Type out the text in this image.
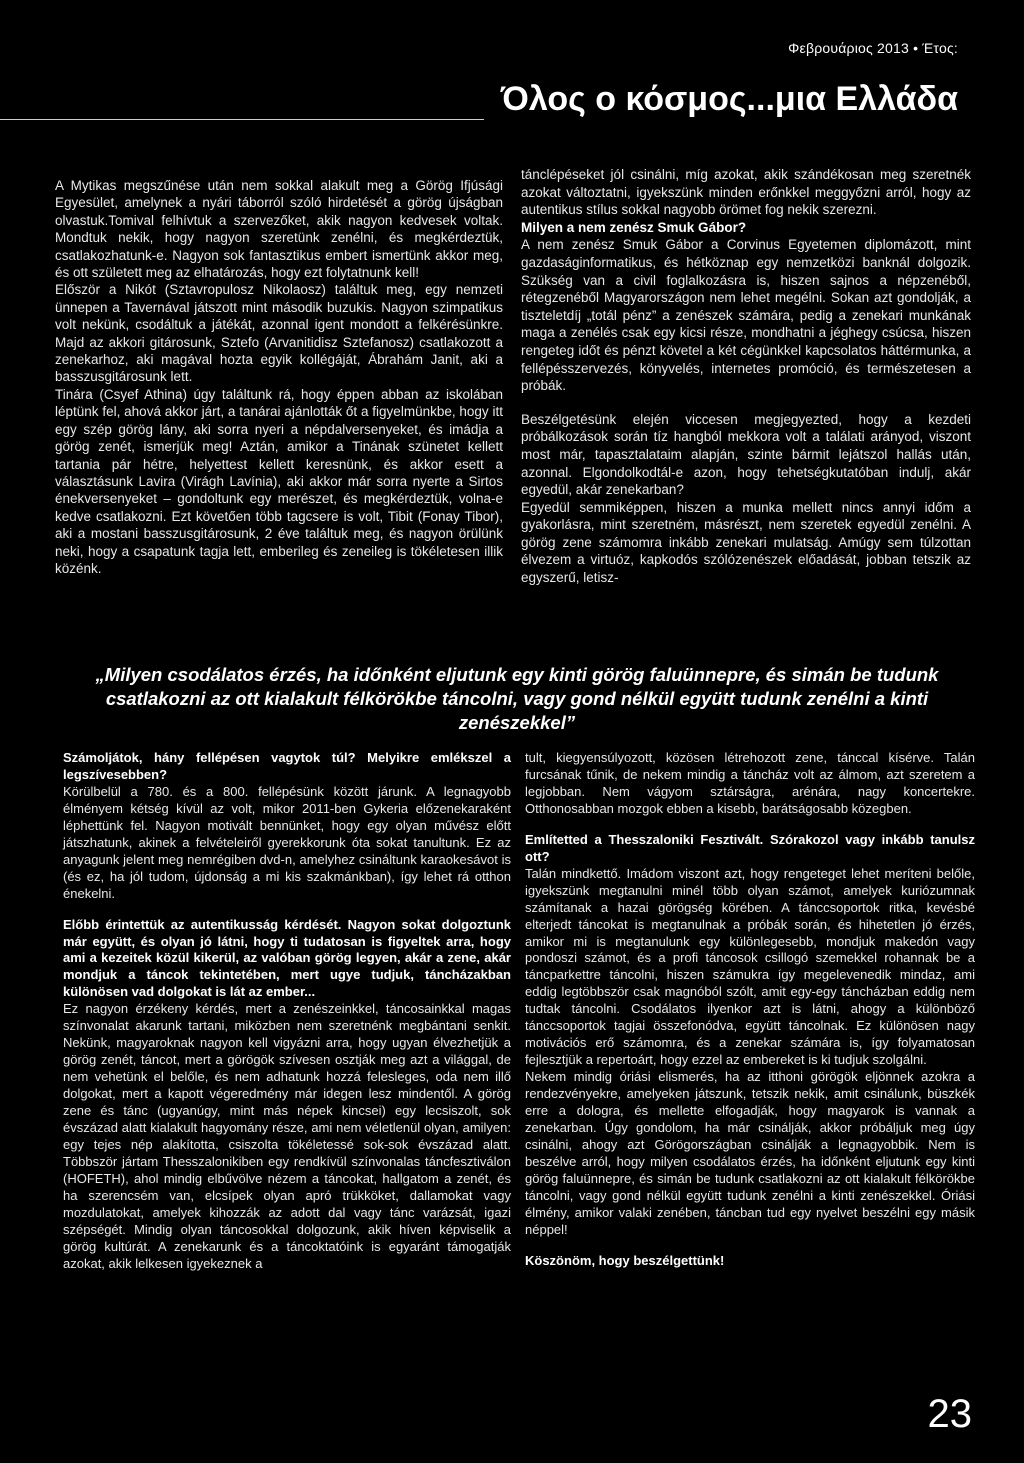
Φεβρουάριος 2013 • Έτος:
Όλος ο κόσμος...μια Ελλάδα

A Mytikas megszűnése után nem sokkal alakult meg a Görög Ifjúsági Egyesület, amelynek a nyári táborról szóló hirdetését a görög újságban olvastuk.Tomival felhívtuk a szervezőket, akik nagyon kedvesek voltak. Mondtuk nekik, hogy nagyon szeretünk zenélni, és megkérdeztük, csatlakozhatunk-e. Nagyon sok fantasztikus embert ismertünk akkor meg, és ott született meg az elhatározás, hogy ezt folytatnunk kell!

Először a Nikót (Sztavropulosz Nikolaosz) találtuk meg, egy nemzeti ünnepen a Tavernával játszott mint második buzukis. Nagyon szimpatikus volt nekünk, csodáltuk a játékát, azonnal igent mondott a felkérésünkre. Majd az akkori gitárosunk, Sztefo (Arvanitidisz Sztefanosz) csatlakozott a zenekarhoz, aki magával hozta egyik kollégáját, Ábrahám Janit, aki a basszusgitárosunk lett.

Tinára (Csyef Athina) úgy találtunk rá, hogy éppen abban az iskolában léptünk fel, ahová akkor járt, a tanárai ajánlották őt a figyelmünkbe, hogy itt egy szép görög lány, aki sorra nyeri a népdalversenyeket, és imádja a görög zenét, ismerjük meg! Aztán, amikor a Tinának szünetet kellett tartania pár hétre, helyettest kellett keresnünk, és akkor esett a választásunk Lavira (Virágh Lavínia), aki akkor már sorra nyerte a Sirtos énekversenyeket – gondoltunk egy merészet, és megkérdeztük, volna-e kedve csatlakozni. Ezt követően több tagcsere is volt, Tibit (Fonay Tibor), aki a mostani basszusgitárosunk, 2 éve találtuk meg, és nagyon örülünk neki, hogy a csapatunk tagja lett, emberileg és zeneileg is tökéletesen illik közénk.

tánclépéseket jól csinálni, míg azokat, akik szándékosan meg szeretnék azokat változtatni, igyekszünk minden erőnkkel meggyőzni arról, hogy az autentikus stílus sokkal nagyobb örömet fog nekik szerezni.

Milyen a nem zenész Smuk Gábor?

A nem zenész Smuk Gábor a Corvinus Egyetemen diplomázott, mint gazdaságinformatikus, és hétköznap egy nemzetközi banknál dolgozik. Szükség van a civil foglalkozásra is, hiszen sajnos a népzenéből, rétegzenéből Magyarországon nem lehet megélni. Sokan azt gondolják, a tiszteletdíj „totál pénz” a zenészek számára, pedig a zenekari munkának maga a zenélés csak egy kicsi része, mondhatni a jéghegy csúcsa, hiszen rengeteg időt és pénzt követel a két cégünkkel kapcsolatos háttérmunka, a fellépésszervezés, könyvelés, internetes promóció, és természetesen a próbák.

Beszélgetésünk elején viccesen megjegyezted, hogy a kezdeti próbálkozások során tíz hangból mekkora volt a találati arányod, viszont most már, tapasztalataim alapján, szinte bármit lejátszol hallás után, azonnal. Elgondolkodtál-e azon, hogy tehetségkutatóban indulj, akár egyedül, akár zenekarban?

Egyedül semmiképpen, hiszen a munka mellett nincs annyi időm a gyakorlásra, mint szeretném, másrészt, nem szeretek egyedül zenélni. A görög zene számomra inkább zenekari mulatság. Amúgy sem túlzottan élvezem a virtuóz, kapkodós szólózenészek előadását, jobban tetszik az egyszerű, letisz-

„Milyen csodálatos érzés, ha időnként eljutunk egy kinti görög faluünnepre, és simán be tudunk csatlakozni az ott kialakult félkörökbe táncolni, vagy gond nélkül együtt tudunk zenélni a kinti zenészekkel”

Számoljátok, hány fellépésen vagytok túl? Melyikre emlékszel a legszívesebben?

Körülbelül a 780. és a 800. fellépésünk között járunk. A legnagyobb élményem kétség kívül az volt, mikor 2011-ben Gykeria előzenekaraként léphettünk fel. Nagyon motivált bennünket, hogy egy olyan művész előtt játszhatunk, akinek a felvételeiről gyerekkorunk óta sokat tanultunk. Ez az anyagunk jelent meg nemrégiben dvd-n, amelyhez csináltunk karaokesávot is (és ez, ha jól tudom, újdonság a mi kis szakmánkban), így lehet rá otthon énekelni.

Előbb érintettük az autentikusság kérdését. Nagyon sokat dolgoztunk már együtt, és olyan jó látni, hogy ti tudatosan is figyeltek arra, hogy ami a kezeitek közül kikerül, az valóban görög legyen, akár a zene, akár mondjuk a táncok tekintetében, mert ugye tudjuk, táncházakban különösen vad dolgokat is lát az ember...

Ez nagyon érzékeny kérdés, mert a zenészeinkkel, táncosainkkal magas színvonalat akarunk tartani, miközben nem szeretnénk megbántani senkit. Nekünk, magyaroknak nagyon kell vigyázni arra, hogy ugyan élvezhetjük a görög zenét, táncot, mert a görögök szívesen osztják meg azt a világgal, de nem vehetünk el belőle, és nem adhatunk hozzá felesleges, oda nem illő dolgokat, mert a kapott végeredmény már idegen lesz mindentől. A görög zene és tánc (ugyanúgy, mint más népek kincsei) egy lecsiszolt, sok évszázad alatt kialakult hagyomány része, ami nem véletlenül olyan, amilyen: egy tejes nép alakította, csiszolta tökéletessé sok-sok évszázad alatt. Többször jártam Thesszalonikiben egy rendkívül színvonalas táncfesztiválon (HOFETH), ahol mindig elbűvölve nézem a táncokat, hallgatom a zenét, és ha szerencsém van, elcsípek olyan apró trükköket, dallamokat vagy mozdulatokat, amelyek kihozzák az adott dal vagy tánc varázsát, igazi szépségét. Mindig olyan táncosokkal dolgozunk, akik híven képviselik a görög kultúrát. A zenekarunk és a táncoktatóink is egyaránt támogatják azokat, akik lelkesen igyekeznek a

tult, kiegyensúlyozott, közösen létrehozott zene, tánccal kísérve. Talán furcsának tűnik, de nekem mindig a táncház volt az álmom, azt szeretem a legjobban. Nem vágyom sztárságra, arénára, nagy koncertekre. Otthonosabban mozgok ebben a kisebb, barátságosabb közegben.

Említetted a Thesszaloniki Fesztivált. Szórakozol vagy inkább tanulsz ott?

Talán mindkettő. Imádom viszont azt, hogy rengeteget lehet meríteni belőle, igyekszünk megtanulni minél több olyan számot, amelyek kuriózumnak számítanak a hazai görögség körében. A tánccsoportok ritka, kevésbé elterjedt táncokat is megtanulnak a próbák során, és hihetetlen jó érzés, amikor mi is megtanulunk egy különlegesebb, mondjuk makedón vagy pondoszi számot, és a profi táncosok csillogó szemekkel rohannak be a táncparkettre táncolni, hiszen számukra így megelevenedik mindaz, ami eddig legtöbbször csak magnóból szólt, amit egy-egy táncházban eddig nem tudtak táncolni. Csodálatos ilyenkor azt is látni, ahogy a különböző tánccsoportok tagjai összefonódva, együtt táncolnak. Ez különösen nagy motivációs erő számomra, és a zenekar számára is, így folyamatosan fejlesztjük a repertoárt, hogy ezzel az embereket is ki tudjuk szolgálni.

Nekem mindig óriási elismerés, ha az itthoni görögök eljönnek azokra a rendezvényekre, amelyeken játszunk, tetszik nekik, amit csinálunk, büszkék erre a dologra, és mellette elfogadják, hogy magyarok is vannak a zenekarban. Úgy gondolom, ha már csinálják, akkor próbáljuk meg úgy csinálni, ahogy azt Görögországban csinálják a legnagyobbik. Nem is beszélve arról, hogy milyen csodálatos érzés, ha időnként eljutunk egy kinti görög faluünnepre, és simán be tudunk csatlakozni az ott kialakult félkörökbe táncolni, vagy gond nélkül együtt tudunk zenélni a kinti zenészekkel. Óriási élmény, amikor valaki zenében, táncban tud egy nyelvet beszélni egy másik néppel!

Köszönöm, hogy beszélgettünk!

23
